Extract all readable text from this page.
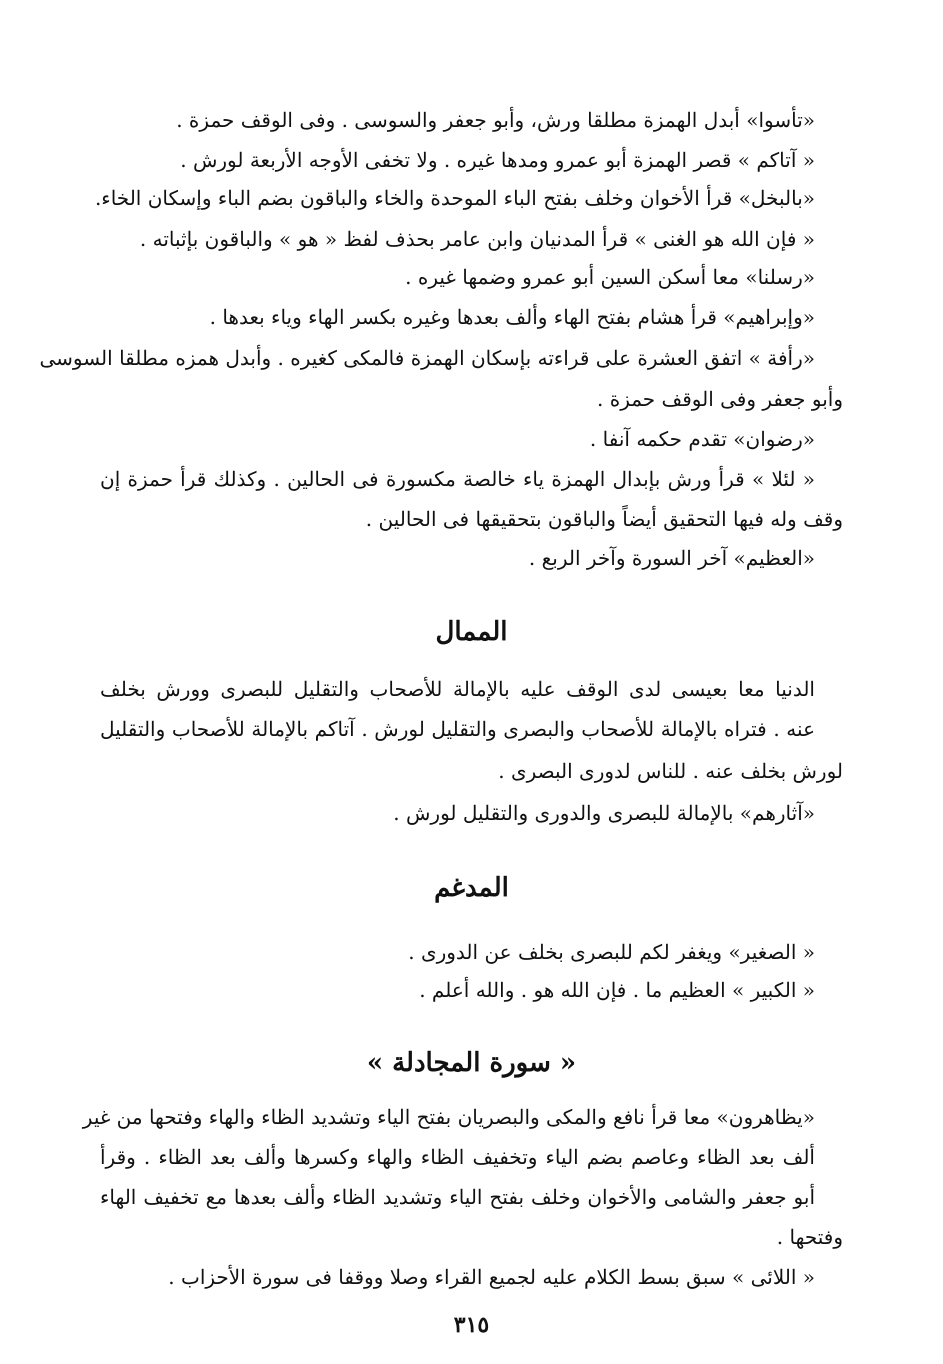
«تأسوا» أبدل الهمزة مطلقا ورش، وأبو جعفر والسوسى . وفى الوقف حمزة .
« آتاكم » قصر الهمزة أبو عمرو ومدها غيره . ولا تخفى الأوجه الأربعة لورش .
«بالبخل» قرأ الأخوان وخلف بفتح الباء الموحدة والخاء والباقون بضم الباء وإسكان الخاء.
« فإن الله هو الغنى » قرأ المدنيان وابن عامر بحذف لفظ « هو » والباقون بإثباته .
«رسلنا» معا أسكن السين أبو عمرو وضمها غيره .
«وإبراهيم» قرأ هشام بفتح الهاء وألف بعدها وغيره بكسر الهاء وياء بعدها .
«رأفة » اتفق العشرة على قراءته بإسكان الهمزة فالمكى كغيره . وأبدل همزه مطلقا السوسى
وأبو جعفر وفى الوقف حمزة .
«رضوان» تقدم حكمه آنفا .
« لئلا » قرأ ورش بإبدال الهمزة ياء خالصة مكسورة فى الحالين . وكذلك قرأ حمزة إن
وقف وله فيها التحقيق أيضاً والباقون بتحقيقها فى الحالين .
«العظيم» آخر السورة وآخر الربع .
الممال
الدنيا معا بعيسى لدى الوقف عليه بالإمالة للأصحاب والتقليل للبصرى وورش بخلف
عنه . فتراه بالإمالة للأصحاب والبصرى والتقليل لورش . آتاكم بالإمالة للأصحاب والتقليل
لورش بخلف عنه . للناس لدورى البصرى .
«آثارهم» بالإمالة للبصرى والدورى والتقليل لورش .
المدغم
« الصغير» ويغفر لكم للبصرى بخلف عن الدورى .
« الكبير » العظيم ما . فإن الله هو . والله أعلم .
« سورة المجادلة »
«يظاهرون» معا قرأ نافع والمكى والبصريان بفتح الياء وتشديد الظاء والهاء وفتحها من غير
ألف بعد الظاء وعاصم بضم الياء وتخفيف الظاء والهاء وكسرها وألف بعد الظاء . وقرأ
أبو جعفر والشامى والأخوان وخلف بفتح الياء وتشديد الظاء وألف بعدها مع تخفيف الهاء
وفتحها .
« اللائى » سبق بسط الكلام عليه لجميع القراء وصلا ووقفا فى سورة الأحزاب .
٣١٥
